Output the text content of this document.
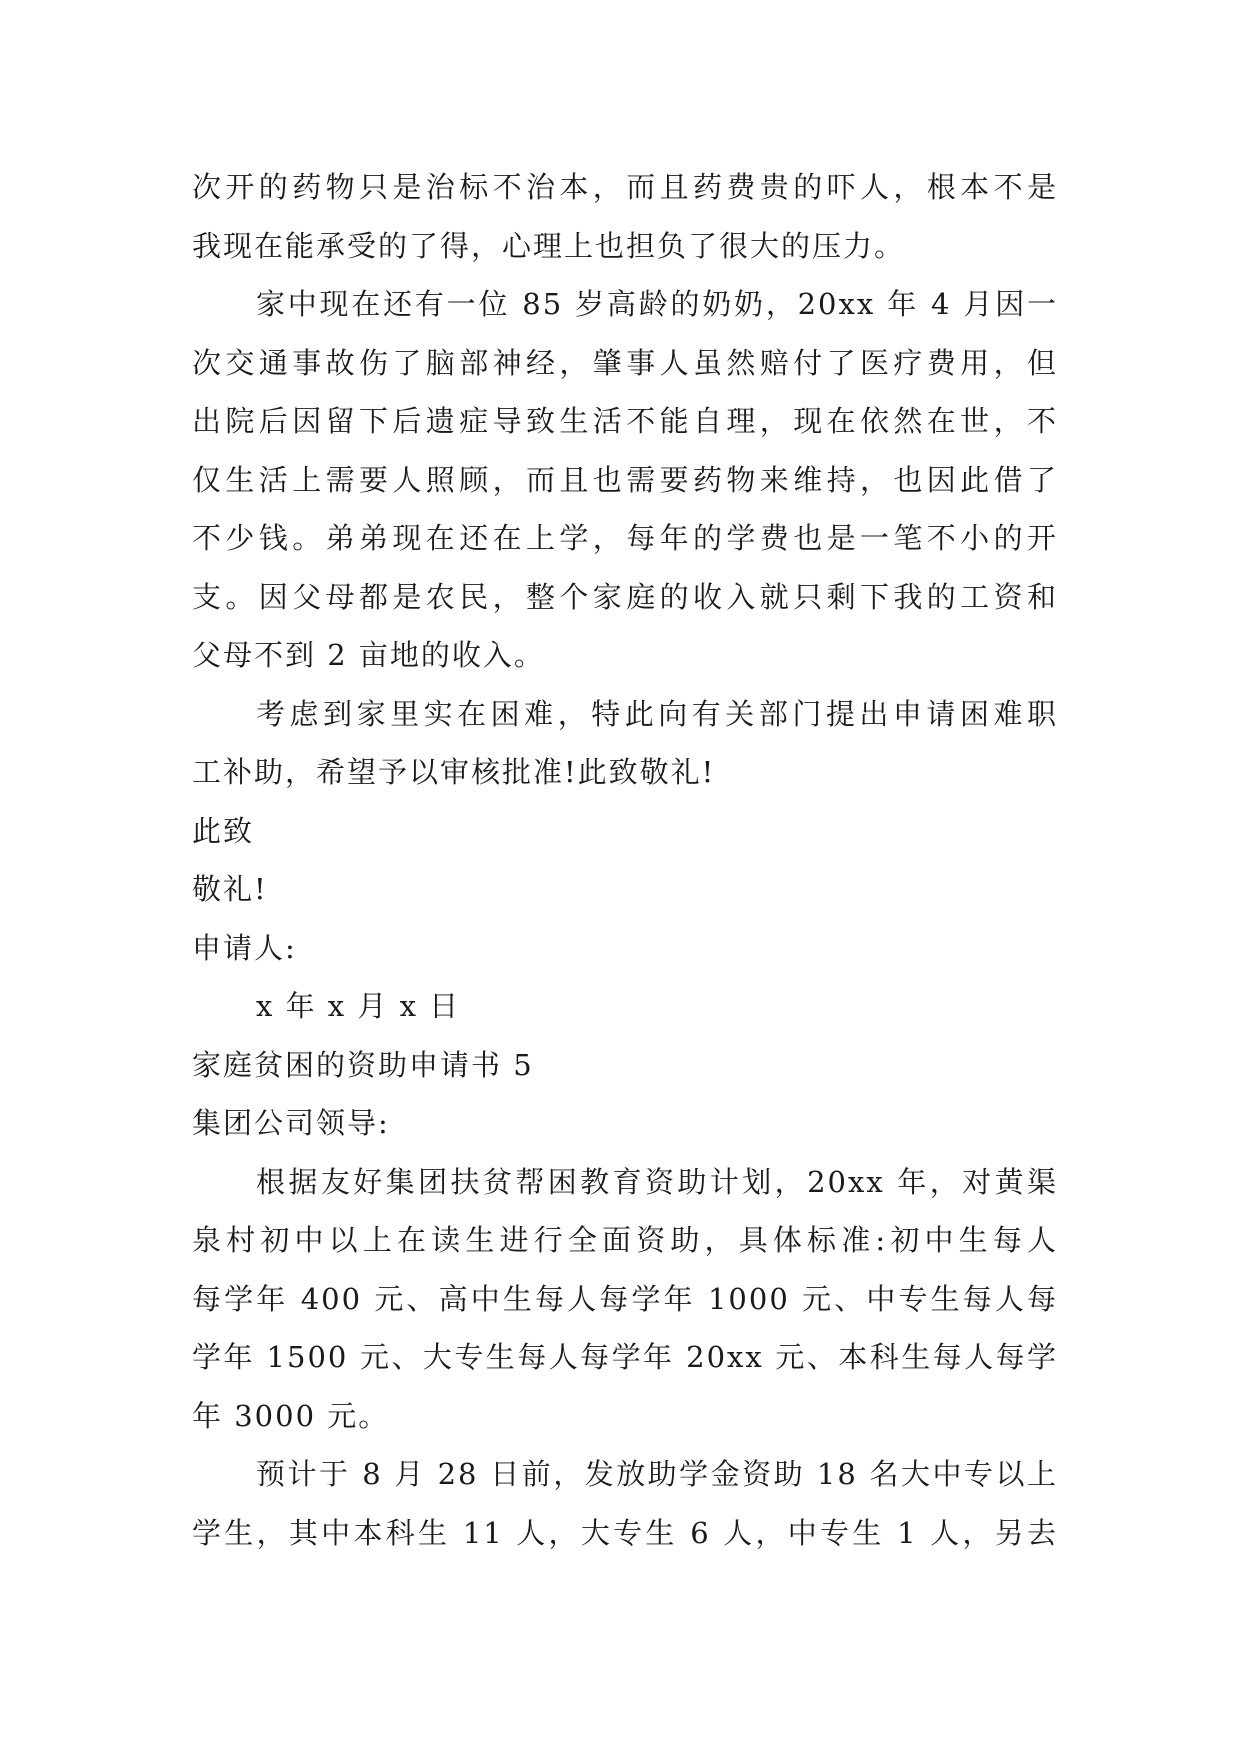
次开的药物只是治标不治本，而且药费贵的吓人，根本不是
我现在能承受的了得，心理上也担负了很大的压力。
家中现在还有一位 85 岁高龄的奶奶，20xx 年 4 月因一
次交通事故伤了脑部神经，肇事人虽然赔付了医疗费用，但
出院后因留下后遗症导致生活不能自理，现在依然在世，不
仅生活上需要人照顾，而且也需要药物来维持，也因此借了
不少钱。弟弟现在还在上学，每年的学费也是一笔不小的开
支。因父母都是农民，整个家庭的收入就只剩下我的工资和
父母不到 2 亩地的收入。
考虑到家里实在困难，特此向有关部门提出申请困难职
工补助，希望予以审核批准!此致敬礼!
此致
敬礼!
申请人:
x 年 x 月 x 日
家庭贫困的资助申请书 5
集团公司领导:
根据友好集团扶贫帮困教育资助计划，20xx 年，对黄渠
泉村初中以上在读生进行全面资助，具体标准:初中生每人
每学年 400 元、高中生每人每学年 1000 元、中专生每人每
学年 1500 元、大专生每人每学年 20xx 元、本科生每人每学
年 3000 元。
预计于 8 月 28 日前，发放助学金资助 18 名大中专以上
学生，其中本科生 11 人，大专生 6 人，中专生 1 人，另去
